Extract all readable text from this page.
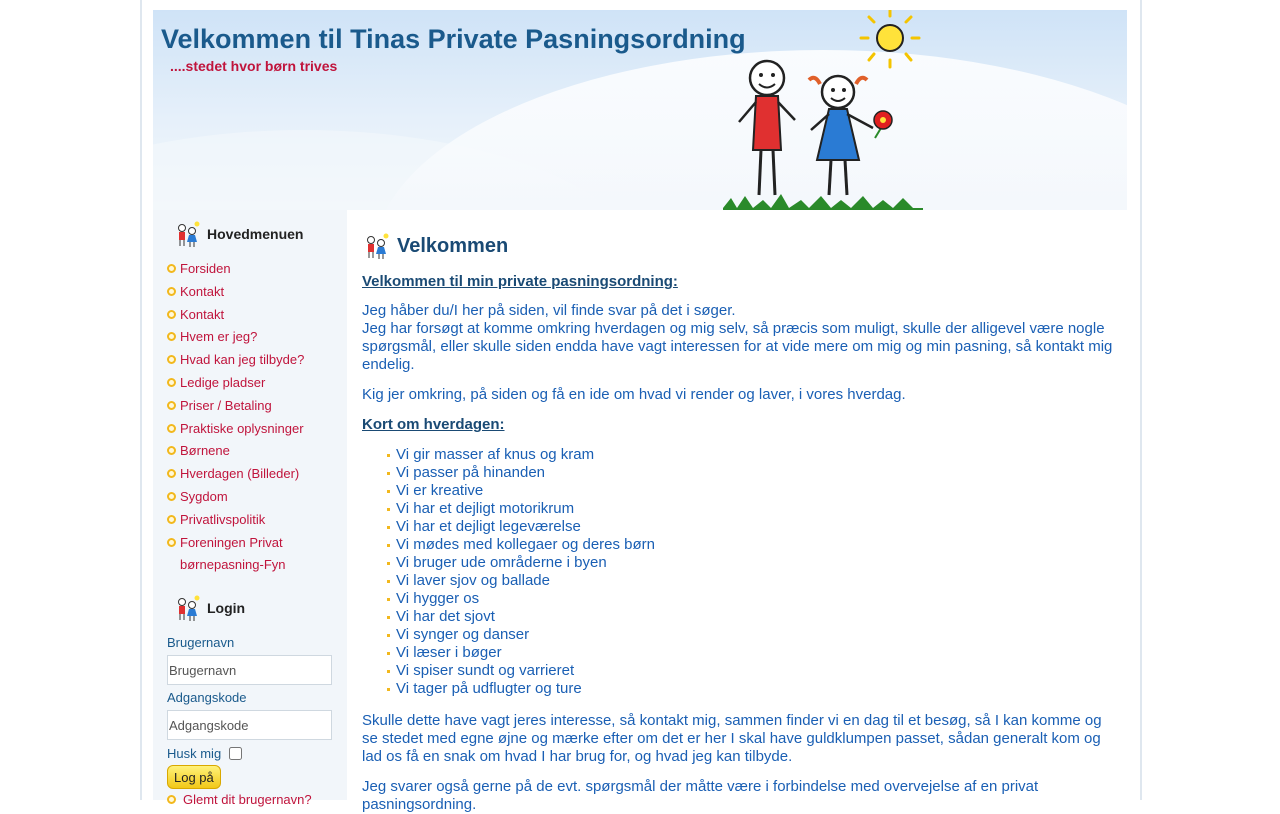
Velkommen til Tinas Private Pasningsordning
....stedet hvor børn trives
Hovedmenuen
Forsiden
Kontakt
Kontakt
Hvem er jeg?
Hvad kan jeg tilbyde?
Ledige pladser
Priser / Betaling
Praktiske oplysninger
Børnene
Hverdagen (Billeder)
Sygdom
Privatlivspolitik
Foreningen Privat
børnepasning-Fyn
Login
Brugernavn
Brugernavn
Adgangskode
Husk mig
Log på
Glemt dit brugernavn?
Velkommen

Velkommen til min private pasningsordning:

Jeg håber du/I her på siden, vil finde svar på det i søger.

Jeg har forsøgt at komme omkring hverdagen og mig selv, så præcis som muligt, skulle der alligevel være nogle spørgsmål, eller skulle siden endda have vagt interessen for at vide mere om mig og min pasning, så kontakt mig endelig.

Kig jer omkring, på siden og få en ide om hvad vi render og laver, i vores hverdag.

Kort om hverdagen:

Vi gir masser af knus og kram
Vi passer på hinanden
Vi er kreative
Vi har et dejligt motorikrum
Vi har et dejligt legeværelse
Vi mødes med kollegaer og deres børn
Vi bruger ude områderne i byen
Vi laver sjov og ballade
Vi hygger os
Vi har det sjovt
Vi synger og danser
Vi læser i bøger
Vi spiser sundt og varrieret
Vi tager på udflugter og ture

Skulle dette have vagt jeres interesse, så kontakt mig, sammen finder vi en dag til et besøg, så I kan komme og se stedet med egne øjne og mærke efter om det er her I skal have guldklumpen passet, sådan generalt kom og lad os få en snak om hvad I har brug for, og hvad jeg kan tilbyde.

Jeg svarer også gerne på de evt. spørgsmål der måtte være i forbindelse med overvejelse af en privat pasningsordning.
